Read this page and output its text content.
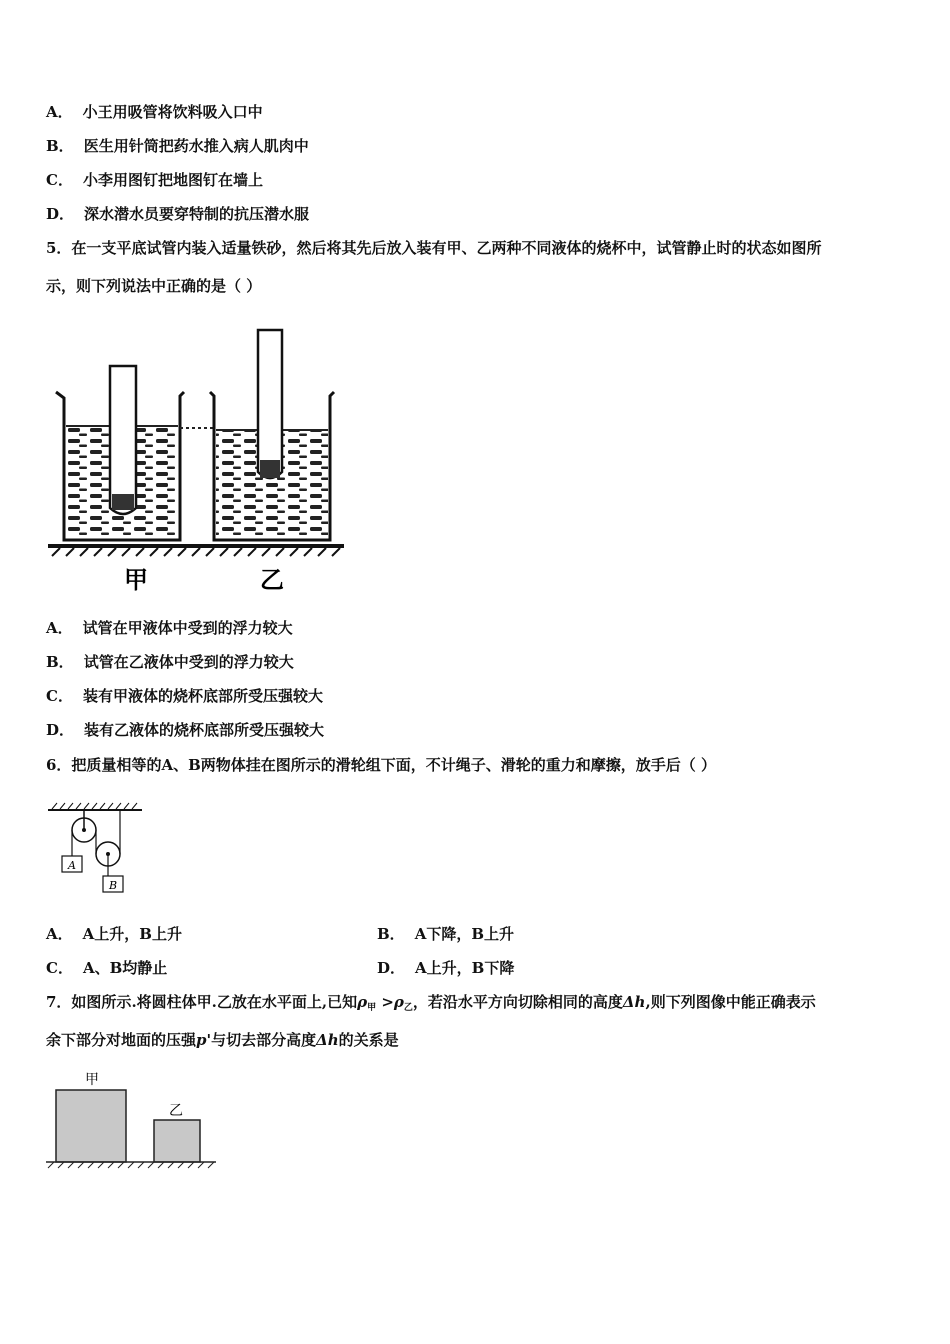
A． 小王用吸管将饮料吸入口中
B． 医生用针筒把药水推入病人肌肉中
C． 小李用图钉把地图钉在墙上
D． 深水潜水员要穿特制的抗压潜水服
5．在一支平底试管内装入适量铁砂，然后将其先后放入装有甲、乙两种不同液体的烧杯中，试管静止时的状态如图所
示，则下列说法中正确的是（ ）
甲	乙
A． 试管在甲液体中受到的浮力较大
B． 试管在乙液体中受到的浮力较大
C． 装有甲液体的烧杯底部所受压强较大
D． 装有乙液体的烧杯底部所受压强较大
6．把质量相等的A、B两物体挂在图所示的滑轮组下面，不计绳子、滑轮的重力和摩擦，放手后（ ）
A
B
A． A上升，B上升	B． A下降，B上升
C． A、B均静止	D． A上升，B下降
7．如图所示.将圆柱体甲.乙放在水平面上,已知$\rho_甲 >\rho_乙$，若沿水平方向切除相同的高度Δh,则下列图像中能正确表示
余下部分对地面的压强p'与切去部分高度Δh的关系是
甲
乙
